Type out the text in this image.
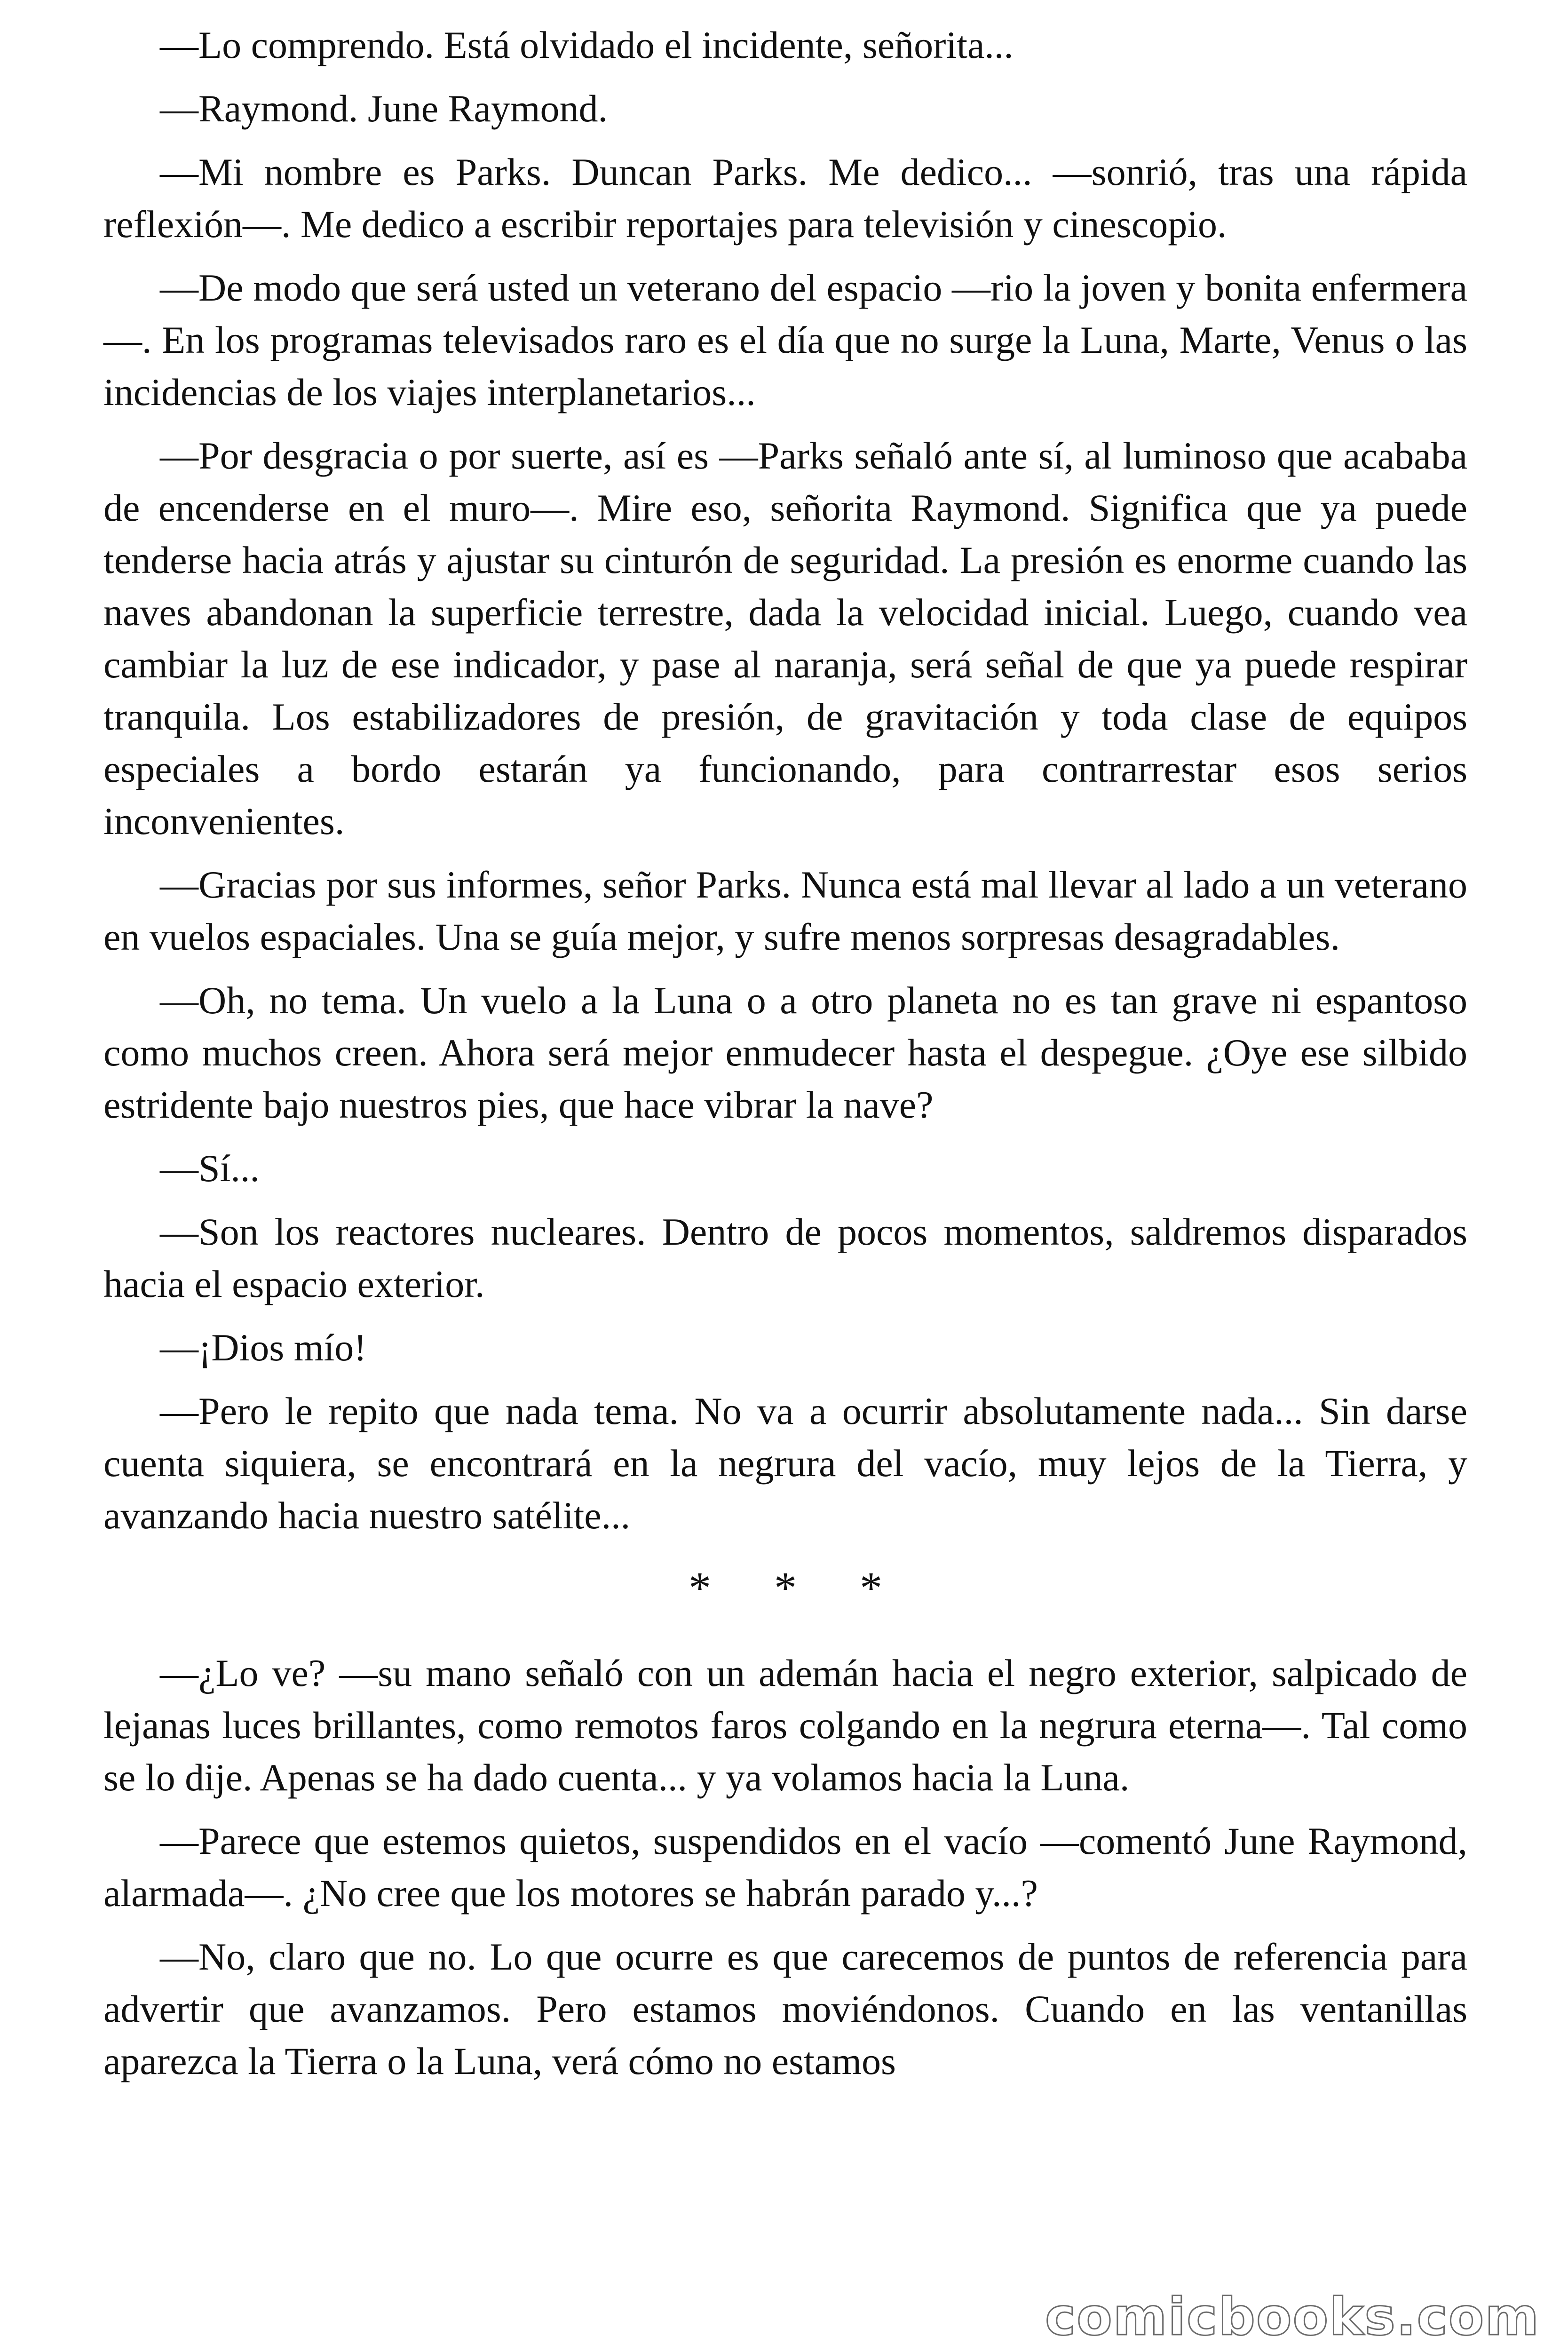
—Lo comprendo. Está olvidado el incidente, señorita...

—Raymond. June Raymond.

—Mi nombre es Parks. Duncan Parks. Me dedico... —sonrió, tras una rápida reflexión—. Me dedico a escribir reportajes para televisión y cinescopio.

—De modo que será usted un veterano del espacio —rio la joven y bonita enfermera—. En los programas televisados raro es el día que no surge la Luna, Marte, Venus o las incidencias de los viajes interplanetarios...

—Por desgracia o por suerte, así es —Parks señaló ante sí, al luminoso que acababa de encenderse en el muro—. Mire eso, señorita Raymond. Significa que ya puede tenderse hacia atrás y ajustar su cinturón de seguridad. La presión es enorme cuando las naves abandonan la superficie terrestre, dada la velocidad inicial. Luego, cuando vea cambiar la luz de ese indicador, y pase al naranja, será señal de que ya puede respirar tranquila. Los estabilizadores de presión, de gravitación y toda clase de equipos especiales a bordo estarán ya funcionando, para contrarrestar esos serios inconvenientes.

—Gracias por sus informes, señor Parks. Nunca está mal llevar al lado a un veterano en vuelos espaciales. Una se guía mejor, y sufre menos sorpresas desagradables.

—Oh, no tema. Un vuelo a la Luna o a otro planeta no es tan grave ni espantoso como muchos creen. Ahora será mejor enmudecer hasta el despegue. ¿Oye ese silbido estridente bajo nuestros pies, que hace vibrar la nave?

—Sí...

—Son los reactores nucleares. Dentro de pocos momentos, saldremos disparados hacia el espacio exterior.

—¡Dios mío!

—Pero le repito que nada tema. No va a ocurrir absolutamente nada... Sin darse cuenta siquiera, se encontrará en la negrura del vacío, muy lejos de la Tierra, y avanzando hacia nuestro satélite...

* * *

—¿Lo ve? —su mano señaló con un ademán hacia el negro exterior, salpicado de lejanas luces brillantes, como remotos faros colgando en la negrura eterna—. Tal como se lo dije. Apenas se ha dado cuenta... y ya volamos hacia la Luna.

—Parece que estemos quietos, suspendidos en el vacío —comentó June Raymond, alarmada—. ¿No cree que los motores se habrán parado y...?

—No, claro que no. Lo que ocurre es que carecemos de puntos de referencia para advertir que avanzamos. Pero estamos moviéndonos. Cuando en las ventanillas aparezca la Tierra o la Luna, verá cómo no estamos

comicbooks.com
